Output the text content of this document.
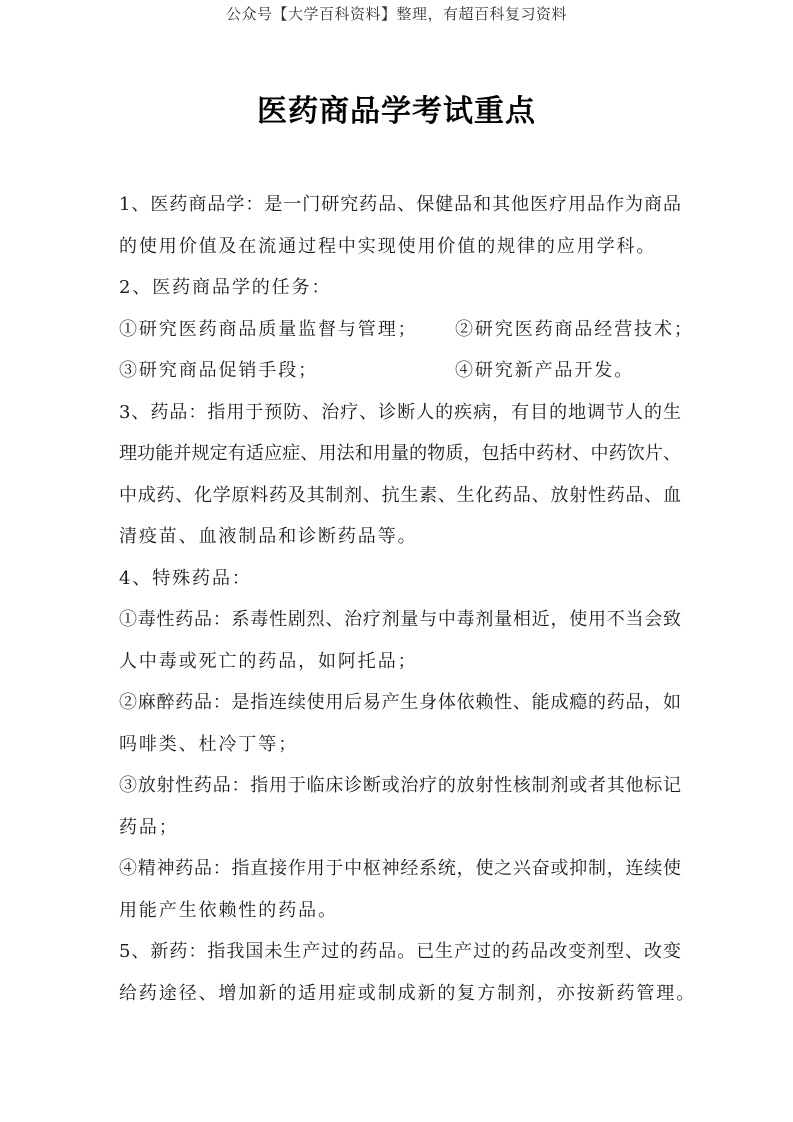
公众号【大学百科资料】整理，有超百科复习资料
医药商品学考试重点
1、医药商品学：是一门研究药品、保健品和其他医疗用品作为商品
的使用价值及在流通过程中实现使用价值的规律的应用学科。
2、医药商品学的任务：
①研究医药商品质量监督与管理；	②研究医药商品经营技术；
③研究商品促销手段；	④研究新产品开发。
3、药品：指用于预防、治疗、诊断人的疾病，有目的地调节人的生
理功能并规定有适应症、用法和用量的物质，包括中药材、中药饮片、
中成药、化学原料药及其制剂、抗生素、生化药品、放射性药品、血
清疫苗、血液制品和诊断药品等。
4、特殊药品：
①毒性药品：系毒性剧烈、治疗剂量与中毒剂量相近，使用不当会致
人中毒或死亡的药品，如阿托品；
②麻醉药品：是指连续使用后易产生身体依赖性、能成瘾的药品，如
吗啡类、杜冷丁等；
③放射性药品：指用于临床诊断或治疗的放射性核制剂或者其他标记
药品；
④精神药品：指直接作用于中枢神经系统，使之兴奋或抑制，连续使
用能产生依赖性的药品。
5、新药：指我国未生产过的药品。已生产过的药品改变剂型、改变
给药途径、增加新的适用症或制成新的复方制剂，亦按新药管理。
